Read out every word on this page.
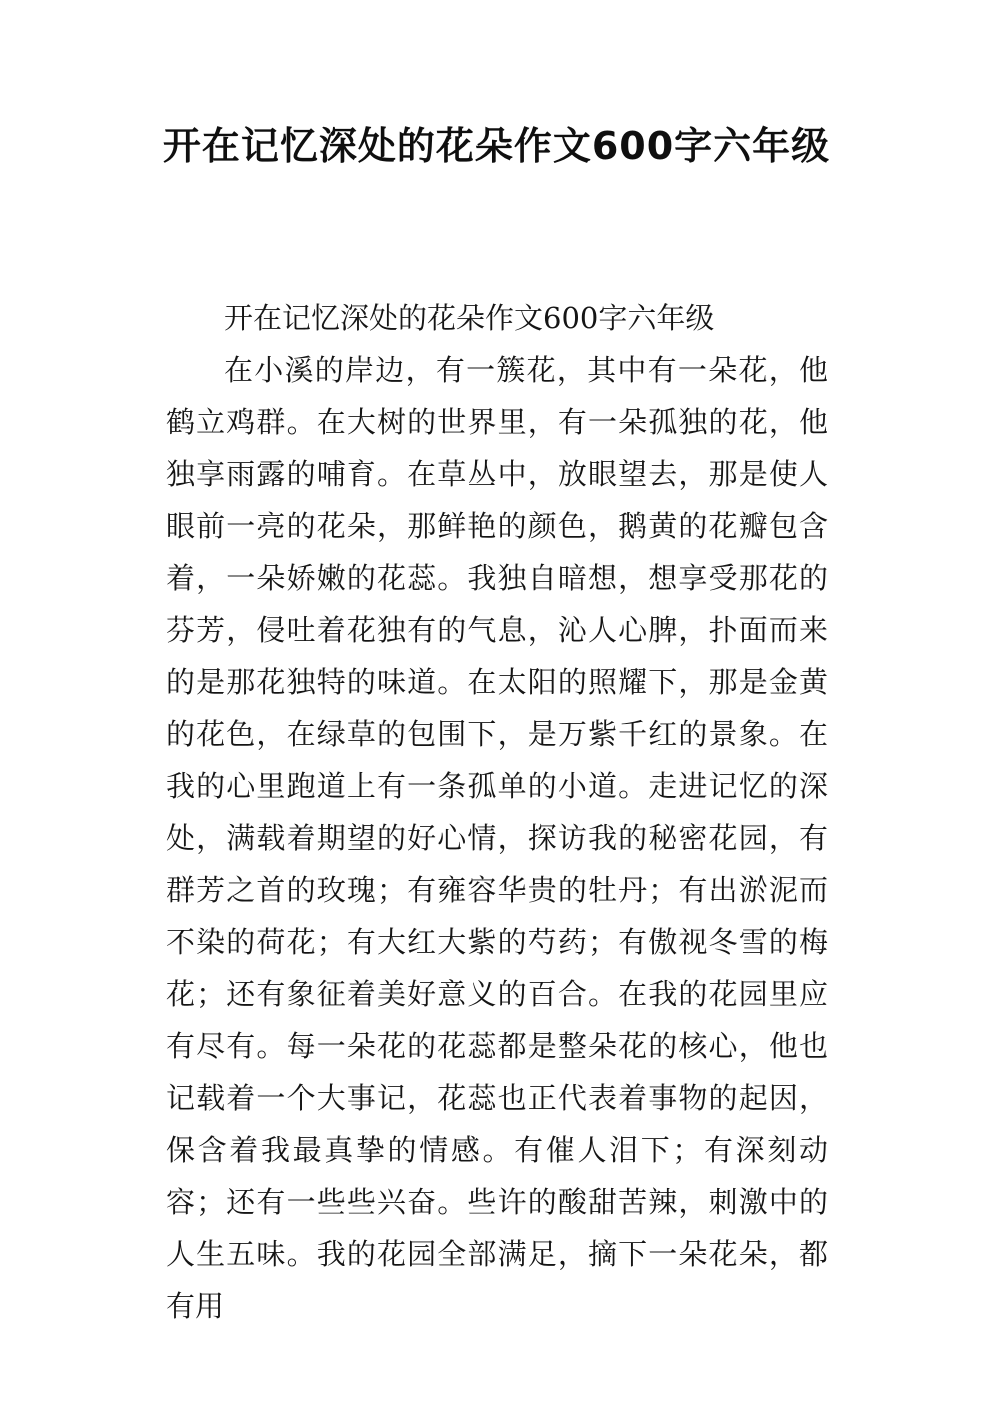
开在记忆深处的花朵作文600字六年级

开在记忆深处的花朵作文600字六年级

在小溪的岸边，有一簇花，其中有一朵花，他鹤立鸡群。在大树的世界里，有一朵孤独的花，他独享雨露的哺育。在草丛中，放眼望去，那是使人眼前一亮的花朵，那鲜艳的颜色，鹅黄的花瓣包含着，一朵娇嫩的花蕊。我独自暗想，想享受那花的芬芳，侵吐着花独有的气息，沁人心脾，扑面而来的是那花独特的味道。在太阳的照耀下，那是金黄的花色，在绿草的包围下，是万紫千红的景象。在我的心里跑道上有一条孤单的小道。走进记忆的深处，满载着期望的好心情，探访我的秘密花园，有群芳之首的玫瑰；有雍容华贵的牡丹；有出淤泥而不染的荷花；有大红大紫的芍药；有傲视冬雪的梅花；还有象征着美好意义的百合。在我的花园里应有尽有。每一朵花的花蕊都是整朵花的核心，他也记载着一个大事记，花蕊也正代表着事物的起因，保含着我最真挚的情感。有催人泪下；有深刻动容；还有一些些兴奋。些许的酸甜苦辣，刺激中的人生五味。我的花园全部满足，摘下一朵花朵，都有用
